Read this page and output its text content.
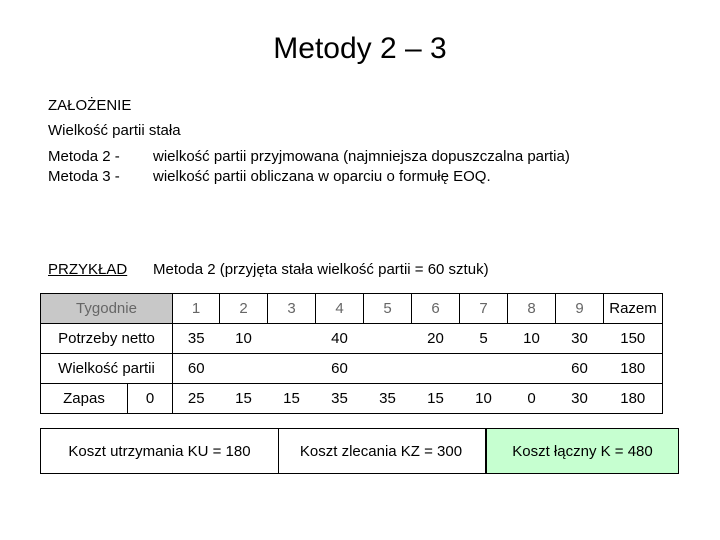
Metody 2 – 3
ZAŁOŻENIE
Wielkość partii stała
Metoda 2 - wielkość partii przyjmowana (najmniejsza dopuszczalna partia)
Metoda 3 - wielkość partii obliczana w oparciu o formułę EOQ.
PRZYKŁAD Metoda 2 (przyjęta stała wielkość partii = 60 sztuk)
Tygodnie		1	2	3	4	5	6	7	8	9	Razem
Potrzeby netto		35	10		40		20	5	10	30	150
Wielkość partii		60			60					60	180
Zapas	0	25	15	15	35	35	15	10	0	30	180
Koszt utrzymania KU = 180	Koszt zlecania KZ = 300	Koszt łączny K = 480
